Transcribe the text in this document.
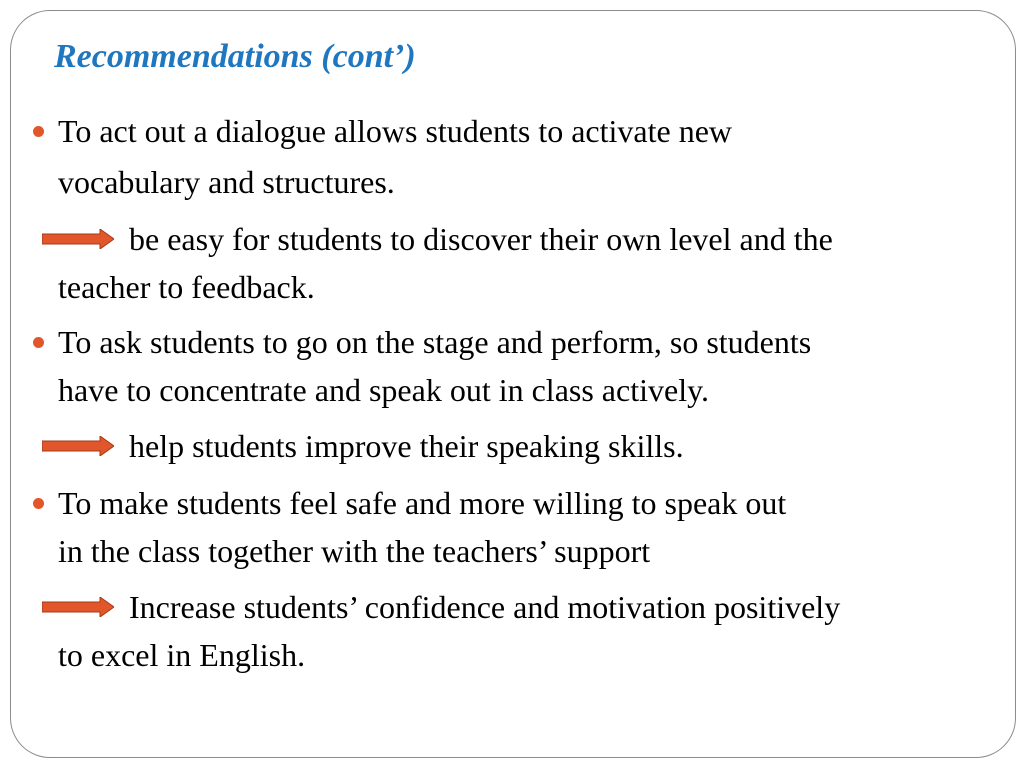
Recommendations (cont’)
To act out a dialogue allows students to activate new
vocabulary and structures.
be easy for students to discover their own level and the
teacher to feedback.
To ask students to go on the stage and perform, so students
have to concentrate and speak out in class actively.
help students improve their speaking skills.
To make students feel safe and more willing to speak out
in the class together with the teachers’ support
Increase students’ confidence and motivation positively
to excel in English.
